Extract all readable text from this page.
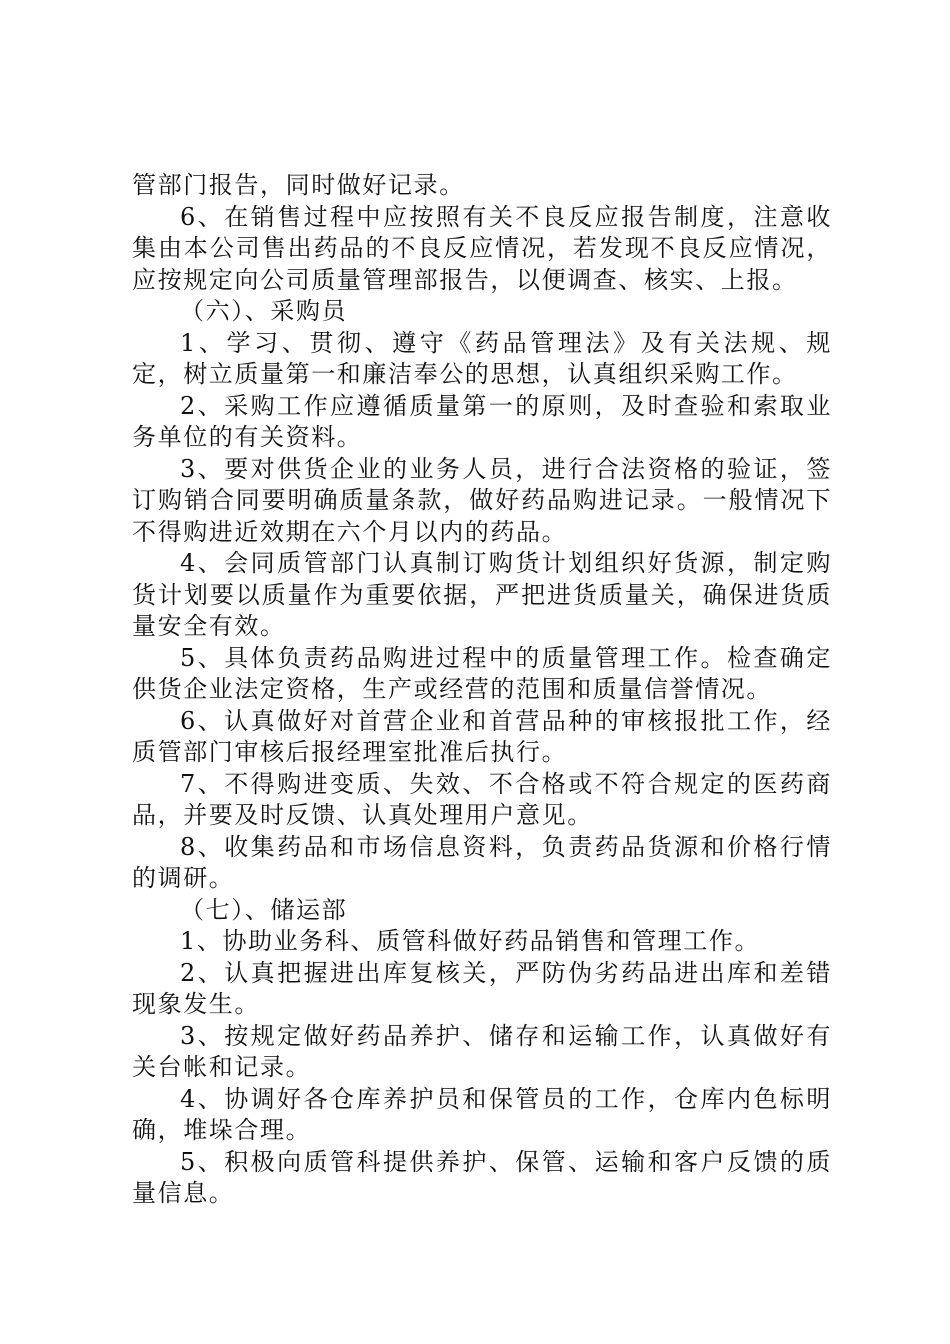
管部门报告，同时做好记录。

6、在销售过程中应按照有关不良反应报告制度，注意收集由本公司售出药品的不良反应情况，若发现不良反应情况，应按规定向公司质量管理部报告，以便调查、核实、上报。

（六）、采购员

1、学习、贯彻、遵守《药品管理法》及有关法规、规定，树立质量第一和廉洁奉公的思想，认真组织采购工作。

2、采购工作应遵循质量第一的原则，及时查验和索取业务单位的有关资料。

3、要对供货企业的业务人员，进行合法资格的验证，签订购销合同要明确质量条款，做好药品购进记录。一般情况下不得购进近效期在六个月以内的药品。

4、会同质管部门认真制订购货计划组织好货源，制定购货计划要以质量作为重要依据，严把进货质量关，确保进货质量安全有效。

5、具体负责药品购进过程中的质量管理工作。检查确定供货企业法定资格，生产或经营的范围和质量信誉情况。

6、认真做好对首营企业和首营品种的审核报批工作，经质管部门审核后报经理室批准后执行。

7、不得购进变质、失效、不合格或不符合规定的医药商品，并要及时反馈、认真处理用户意见。

8、收集药品和市场信息资料，负责药品货源和价格行情的调研。

（七）、储运部

1、协助业务科、质管科做好药品销售和管理工作。

2、认真把握进出库复核关，严防伪劣药品进出库和差错现象发生。

3、按规定做好药品养护、储存和运输工作，认真做好有关台帐和记录。

4、协调好各仓库养护员和保管员的工作，仓库内色标明确，堆垛合理。

5、积极向质管科提供养护、保管、运输和客户反馈的质量信息。
